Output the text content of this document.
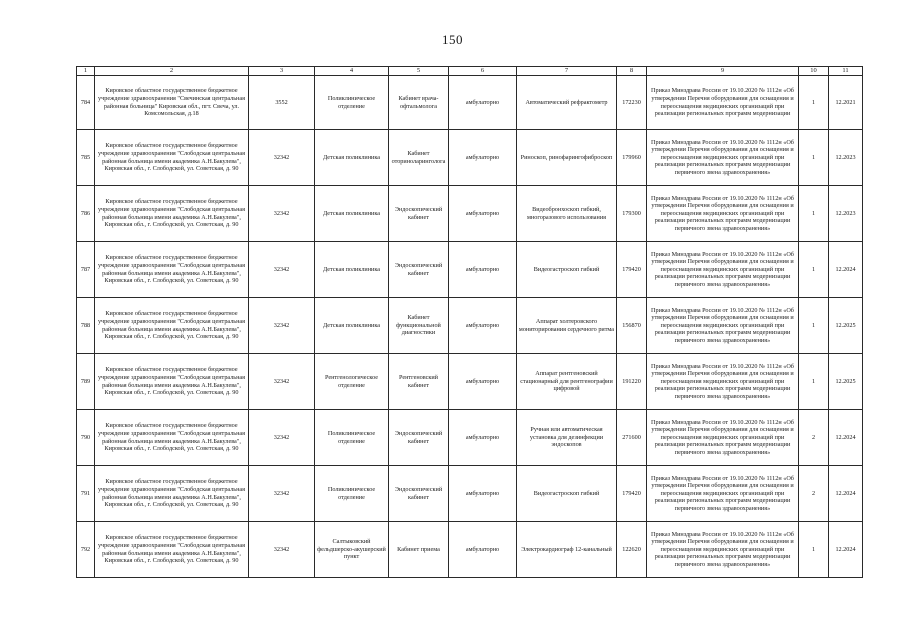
150
1	2	3	4	5	6	7	8	9	10	11
784	Кировское областное государственное бюджетное учреждение здравоохранения "Свечинская центральная районная больница" Кировская обл., пгт. Свеча, ул. Комсомольская, д.18	3552	Поликлиническое отделение	Кабинет врача-офтальмолога	амбулаторно	Автоматический рефрактометр	172230	Приказ Минздрава России от 19.10.2020 № 1112н «Об утверждении Перечня оборудования для оснащения и переоснащения медицинских организаций при реализации региональных программ модернизации	1	12.2021
785	Кировское областное государственное бюджетное учреждение здравоохранения "Слободская центральная районная больница имени академика А.Н.Бакулева", Кировская обл., г. Слободской, ул. Советская, д. 90	32342	Детская поликлиника	Кабинет оториноларинголога	амбулаторно	Риноскоп, ринофарингофиброскоп	179960	Приказ Минздрава России от 19.10.2020 № 1112н «Об утверждении Перечня оборудования для оснащения и переоснащения медицинских организаций при реализации региональных программ модернизации первичного звена здравоохранения»	1	12.2023
786	Кировское областное государственное бюджетное учреждение здравоохранения "Слободская центральная районная больница имени академика А.Н.Бакулева", Кировская обл., г. Слободской, ул. Советская, д. 90	32342	Детская поликлиника	Эндоскопический кабинет	амбулаторно	Видеобронхоскоп гибкий, многоразового использования	179300	Приказ Минздрава России от 19.10.2020 № 1112н «Об утверждении Перечня оборудования для оснащения и переоснащения медицинских организаций при реализации региональных программ модернизации первичного звена здравоохранения»	1	12.2023
787	Кировское областное государственное бюджетное учреждение здравоохранения "Слободская центральная районная больница имени академика А.Н.Бакулева", Кировская обл., г. Слободской, ул. Советская, д. 90	32342	Детская поликлиника	Эндоскопический кабинет	амбулаторно	Видеогастроскоп гибкий	179420	Приказ Минздрава России от 19.10.2020 № 1112н «Об утверждении Перечня оборудования для оснащения и переоснащения медицинских организаций при реализации региональных программ модернизации первичного звена здравоохранения»	1	12.2024
788	Кировское областное государственное бюджетное учреждение здравоохранения "Слободская центральная районная больница имени академика А.Н.Бакулева", Кировская обл., г. Слободской, ул. Советская, д. 90	32342	Детская поликлиника	Кабинет функциональной диагностики	амбулаторно	Аппарат холтеровского мониторирования сердечного ритма	156870	Приказ Минздрава России от 19.10.2020 № 1112н «Об утверждении Перечня оборудования для оснащения и переоснащения медицинских организаций при реализации региональных программ модернизации первичного звена здравоохранения»	1	12.2025
789	Кировское областное государственное бюджетное учреждение здравоохранения "Слободская центральная районная больница имени академика А.Н.Бакулева", Кировская обл., г. Слободской, ул. Советская, д. 90	32342	Рентгенологическое отделение	Рентгеновский кабинет	амбулаторно	Аппарат рентгеновский стационарный для рентгенографии цифровой	191220	Приказ Минздрава России от 19.10.2020 № 1112н «Об утверждении Перечня оборудования для оснащения и переоснащения медицинских организаций при реализации региональных программ модернизации первичного звена здравоохранения»	1	12.2025
790	Кировское областное государственное бюджетное учреждение здравоохранения "Слободская центральная районная больница имени академика А.Н.Бакулева", Кировская обл., г. Слободской, ул. Советская, д. 90	32342	Поликлиническое отделение	Эндоскопический кабинет	амбулаторно	Ручная или автоматическая установка для дезинфекции эндоскопов	271600	Приказ Минздрава России от 19.10.2020 № 1112н «Об утверждении Перечня оборудования для оснащения и переоснащения медицинских организаций при реализации региональных программ модернизации первичного звена здравоохранения»	2	12.2024
791	Кировское областное государственное бюджетное учреждение здравоохранения "Слободская центральная районная больница имени академика А.Н.Бакулева", Кировская обл., г. Слободской, ул. Советская, д. 90	32342	Поликлиническое отделение	Эндоскопический кабинет	амбулаторно	Видеогастроскоп гибкий	179420	Приказ Минздрава России от 19.10.2020 № 1112н «Об утверждении Перечня оборудования для оснащения и переоснащения медицинских организаций при реализации региональных программ модернизации первичного звена здравоохранения»	2	12.2024
792	Кировское областное государственное бюджетное учреждение здравоохранения "Слободская центральная районная больница имени академика А.Н.Бакулева", Кировская обл., г. Слободской, ул. Советская, д. 90	32342	Салтыковский фельдшерско-акушерский пункт	Кабинет приема	амбулаторно	Электрокардиограф 12-канальный	122620	Приказ Минздрава России от 19.10.2020 № 1112н «Об утверждении Перечня оборудования для оснащения и переоснащения медицинских организаций при реализации региональных программ модернизации первичного звена здравоохранения»	1	12.2024
